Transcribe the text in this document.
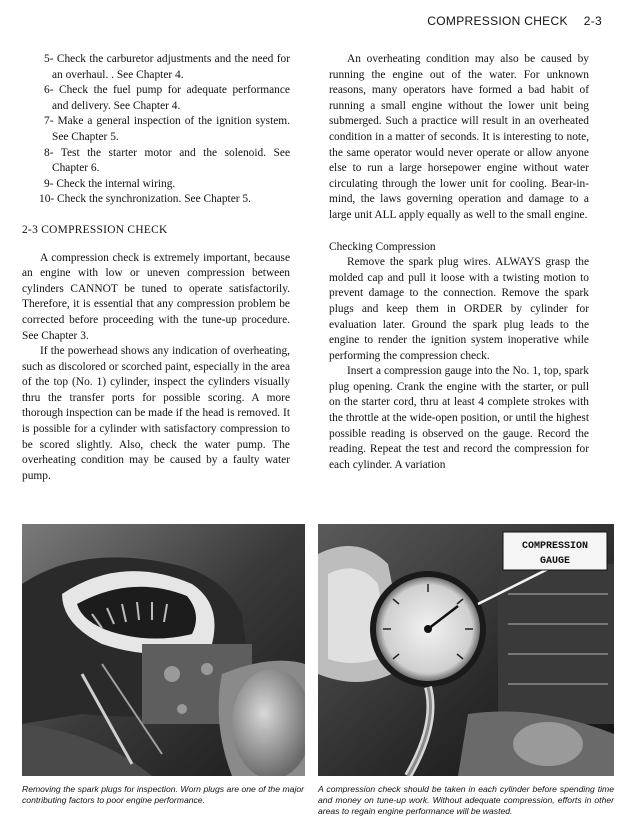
COMPRESSION CHECK 2-3
5- Check the carburetor adjustments and the need for an overhaul. . See Chapter 4.
6- Check the fuel pump for adequate performance and delivery. See Chapter 4.
7- Make a general inspection of the ignition system. See Chapter 5.
8- Test the starter motor and the solenoid. See Chapter 6.
9- Check the internal wiring.
10- Check the synchronization. See Chapter 5.
2-3 COMPRESSION CHECK

A compression check is extremely important, because an engine with low or uneven compression between cylinders CANNOT be tuned to operate satisfactorily. Therefore, it is essential that any compression problem be corrected before proceeding with the tune-up procedure. See Chapter 3.

If the powerhead shows any indication of overheating, such as discolored or scorched paint, especially in the area of the top (No. 1) cylinder, inspect the cylinders visually thru the transfer ports for possible scoring. A more thorough inspection can be made if the head is removed. It is possible for a cylinder with satisfactory compression to be scored slightly. Also, check the water pump. The overheating condition may be caused by a faulty water pump.

An overheating condition may also be caused by running the engine out of the water. For unknown reasons, many operators have formed a bad habit of running a small engine without the lower unit being submerged. Such a practice will result in an overheated condition in a matter of seconds. It is interesting to note, the same operator would never operate or allow anyone else to run a large horsepower engine without water circulating through the lower unit for cooling. Bear-in-mind, the laws governing operation and damage to a large unit ALL apply equally as well to the small engine.

Checking Compression

Remove the spark plug wires. ALWAYS grasp the molded cap and pull it loose with a twisting motion to prevent damage to the connection. Remove the spark plugs and keep them in ORDER by cylinder for evaluation later. Ground the spark plug leads to the engine to render the ignition system inoperative while performing the compression check.

Insert a compression gauge into the No. 1, top, spark plug opening. Crank the engine with the starter, or pull on the starter cord, thru at least 4 complete strokes with the throttle at the wide-open position, or until the highest possible reading is observed on the gauge. Record the reading. Repeat the test and record the compression for each cylinder. A variation

COMPRESSION
GAUGE
Removing the spark plugs for inspection. Worn plugs are one of the major contributing factors to poor engine performance.
A compression check should be taken in each cylinder before spending time and money on tune-up work. Without adequate compression, efforts in other areas to regain engine performance will be wasted.
